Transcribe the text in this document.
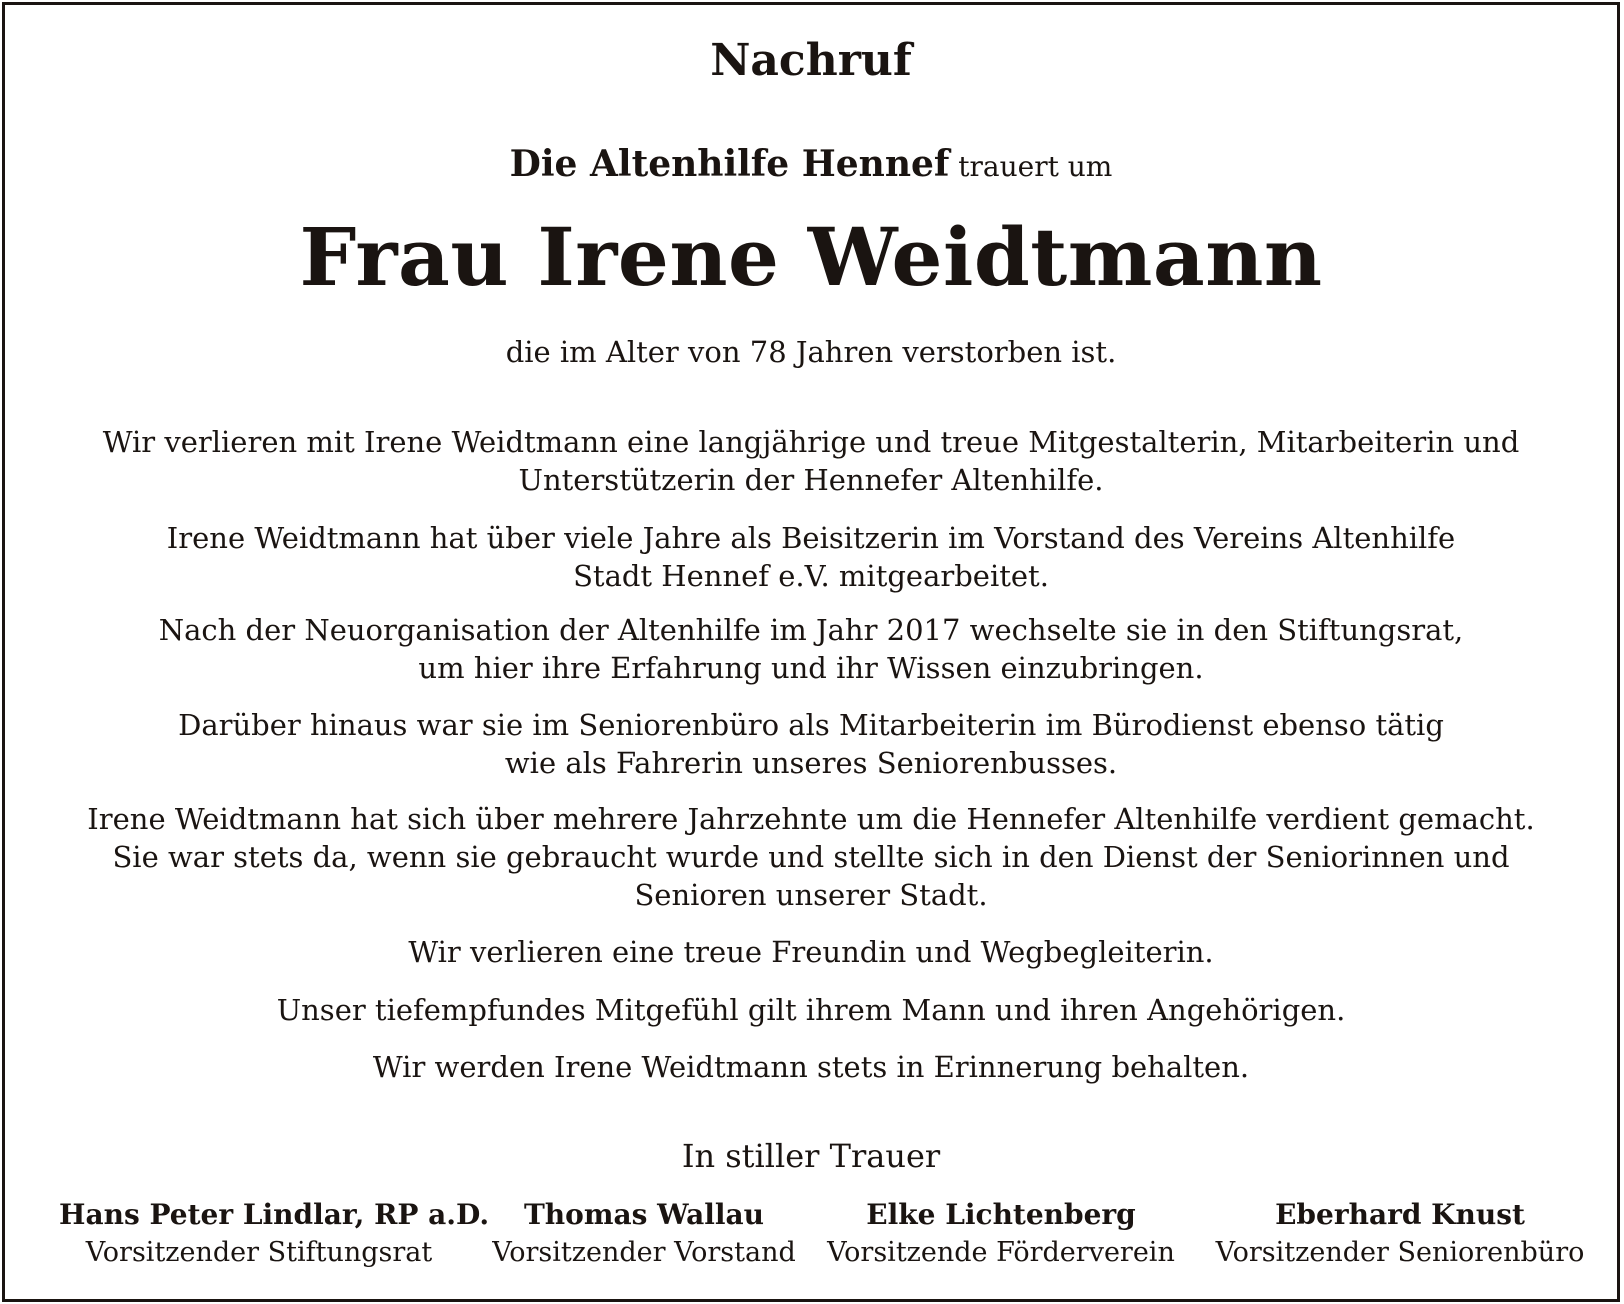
Nachruf
Die Altenhilfe Hennef trauert um
Frau Irene Weidtmann
die im Alter von 78 Jahren verstorben ist.
Wir verlieren mit Irene Weidtmann eine langjährige und treue Mitgestalterin, Mitarbeiterin und
Unterstützerin der Hennefer Altenhilfe.
Irene Weidtmann hat über viele Jahre als Beisitzerin im Vorstand des Vereins Altenhilfe
Stadt Hennef e.V. mitgearbeitet.
Nach der Neuorganisation der Altenhilfe im Jahr 2017 wechselte sie in den Stiftungsrat,
um hier ihre Erfahrung und ihr Wissen einzubringen.
Darüber hinaus war sie im Seniorenbüro als Mitarbeiterin im Bürodienst ebenso tätig
wie als Fahrerin unseres Seniorenbusses.
Irene Weidtmann hat sich über mehrere Jahrzehnte um die Hennefer Altenhilfe verdient gemacht.
Sie war stets da, wenn sie gebraucht wurde und stellte sich in den Dienst der Seniorinnen und
Senioren unserer Stadt.
Wir verlieren eine treue Freundin und Wegbegleiterin.
Unser tiefempfundes Mitgefühl gilt ihrem Mann und ihren Angehörigen.
Wir werden Irene Weidtmann stets in Erinnerung behalten.
In stiller Trauer
Hans Peter Lindlar, RP a.D.
Vorsitzender Stiftungsrat
Thomas Wallau
Vorsitzender Vorstand
Elke Lichtenberg
Vorsitzende Förderverein
Eberhard Knust
Vorsitzender Seniorenbüro
